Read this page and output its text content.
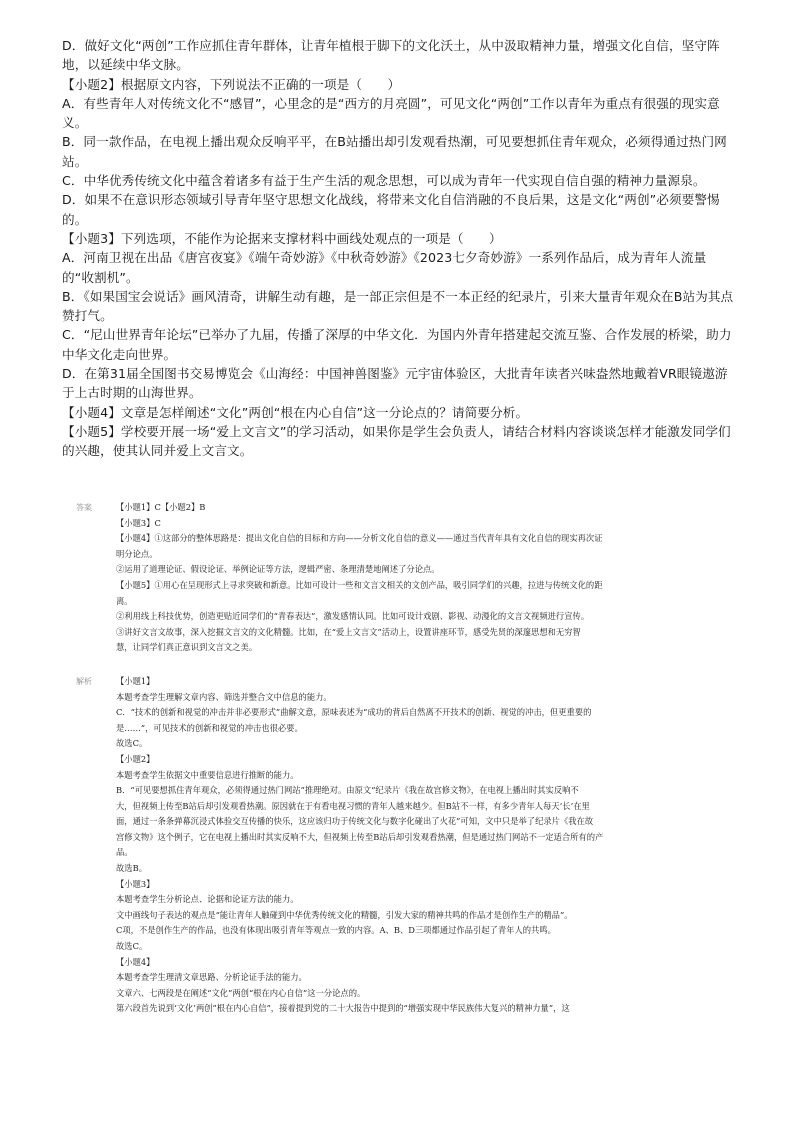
D．做好文化“两创”工作应抓住青年群体，让青年植根于脚下的文化沃土，从中汲取精神力量，增强文化自信，坚守阵地，以延续中华文脉。

【小题2】根据原文内容，下列说法不正确的一项是（　　）

A．有些青年人对传统文化不“感冒”，心里念的是“西方的月亮圆”，可见文化“两创”工作以青年为重点有很强的现实意义。

B．同一款作品，在电视上播出观众反响平平，在B站播出却引发观看热潮，可见要想抓住青年观众，必须得通过热门网站。

C．中华优秀传统文化中蕴含着诸多有益于生产生活的观念思想，可以成为青年一代实现自信自强的精神力量源泉。

D．如果不在意识形态领域引导青年坚守思想文化战线，将带来文化自信消融的不良后果，这是文化“两创”必须要警惕的。

【小题3】下列选项，不能作为论据来支撑材料中画线处观点的一项是（　　）

A．河南卫视在出品《唐宫夜宴》《端午奇妙游》《中秋奇妙游》《2023七夕奇妙游》一系列作品后，成为青年人流量的“收割机”。

B．《如果国宝会说话》画风清奇，讲解生动有趣，是一部正宗但是不一本正经的纪录片，引来大量青年观众在B站为其点赞打气。

C．“尼山世界青年论坛”已举办了九届，传播了深厚的中华文化．为国内外青年搭建起交流互鉴、合作发展的桥梁，助力中华文化走向世界。

D．在第31届全国图书交易博览会《山海经：中国神兽图鉴》元宇宙体验区，大批青年读者兴味盎然地戴着VR眼镜遨游于上古时期的山海世界。

【小题4】文章是怎样阐述“文化”两创“根在内心自信”这一分论点的？请简要分析。

【小题5】学校要开展一场“爱上文言文”的学习活动，如果你是学生会负责人，请结合材料内容谈谈怎样才能激发同学们的兴趣，使其认同并爱上文言文。

答案	【小题1】C【小题2】B

【小题3】C

【小题4】①这部分的整体思路是：提出文化自信的目标和方向——分析文化自信的意义——通过当代青年具有文化自信的现实再次证

明分论点。

②运用了道理论证、假设论证、举例论证等方法，逻辑严密、条理清楚地阐述了分论点。

【小题5】①用心在呈现形式上寻求突破和新意。比如可设计一些和文言文相关的文创产品，吸引同学们的兴趣，拉进与传统文化的距

离。

②利用线上科技优势，创造更贴近同学们的“青春表达”，激发感情认同。比如可设计戏剧、影视、动漫化的文言文视频进行宣传。

③讲好文言文故事，深入挖掘文言文的文化精髓。比如，在“爱上文言文”活动上，设置讲座环节，感受先贤的深邃思想和无穷智

慧，让同学们真正意识到文言文之美。

解析	【小题1】

本题考查学生理解文章内容、筛选并整合文中信息的能力。

C．“技术的创新和视觉的冲击并非必要形式”曲解文意，原味表述为“成功的背后自然离不开技术的创新、视觉的冲击，但更重要的

是……”，可见技术的创新和视觉的冲击也很必要。

故选C。

【小题2】

本题考查学生依据文中重要信息进行推断的能力。

B．“可见要想抓住青年观众，必须得通过热门网站”推理绝对。由原文“纪录片《我在故宫修文物》，在电视上播出时其实反响不

大，但视频上传至B站后却引发观看热潮。原因就在于有看电视习惯的青年人越来越少。但B站不一样，有多少青年人每天‘长’在里

面，通过一条条弹幕沉浸式体验交互传播的快乐，这应该归功于传统文化与数字化碰出了火花”可知，文中只是举了纪录片《我在故

宫修文物》这个例子，它在电视上播出时其实反响不大，但视频上传至B站后却引发观看热潮，但是通过热门网站不一定适合所有的产

品。

故选B。

【小题3】

本题考查学生分析论点、论据和论证方法的能力。

文中画线句子表达的观点是“能让青年人触碰到中华优秀传统文化的精髓，引发大家的精神共鸣的作品才是创作生产的精品”。

C项，不是创作生产的作品，也没有体现出吸引青年等观点一致的内容。A、B、D三项都通过作品引起了青年人的共鸣。

故选C。

【小题4】

本题考查学生理清文章思路、分析论证手法的能力。

文章六、七两段是在阐述“文化”两创“根在内心自信”这一分论点的。

第六段首先说到‘文化’两创”根在内心自信”，接着提到党的二十大报告中提到的“增强实现中华民族伟大复兴的精神力量”，这
